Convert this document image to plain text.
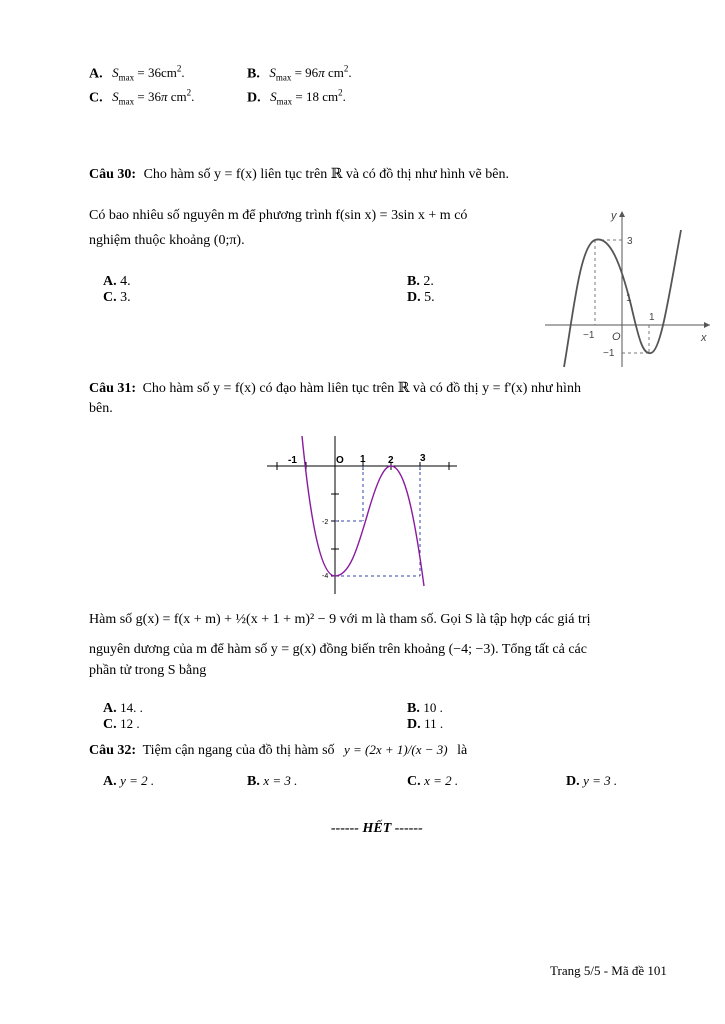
A. $S_{max} = 36cm^2$.	B. $S_{max} = 96\pi$ $cm^2$.
C. $S_{max} = 36\pi$ $cm^2$.	D. $S_{max} = 18$ $cm^2$.
Câu 30: Cho hàm số y = f(x) liên tục trên ℝ và có đồ thị như hình vẽ bên.
Có bao nhiêu số nguyên m để phương trình f(sin x) = 3sin x + m có
nghiệm thuộc khoảng (0;π).
A. 4.	B. 2.
C. 3.	D. 5.
y
x
O
3
1
−1
1
−1
Câu 31: Cho hàm số y = f(x) có đạo hàm liên tục trên ℝ và có đồ thị y = f'(x) như hình
bên.
-1	O 1 2	3
-2
-4
Hàm số g(x) = f(x + m) + ½(x + 1 + m)² − 9 với m là tham số. Gọi S là tập hợp các giá trị
nguyên dương của m để hàm số y = g(x) đồng biến trên khoảng (−4; −3). Tổng tất cả các
phần tử trong S bằng
A. 14. .	B. 10 .
C. 12 .	D. 11 .
Câu 32: Tiệm cận ngang của đồ thị hàm số y = (2x + 1)/(x − 3) là
A. y = 2 .	B. x = 3 .	C. x = 2 .	D. y = 3 .
------ HẾT ------
Trang 5/5 - Mã đề 101
